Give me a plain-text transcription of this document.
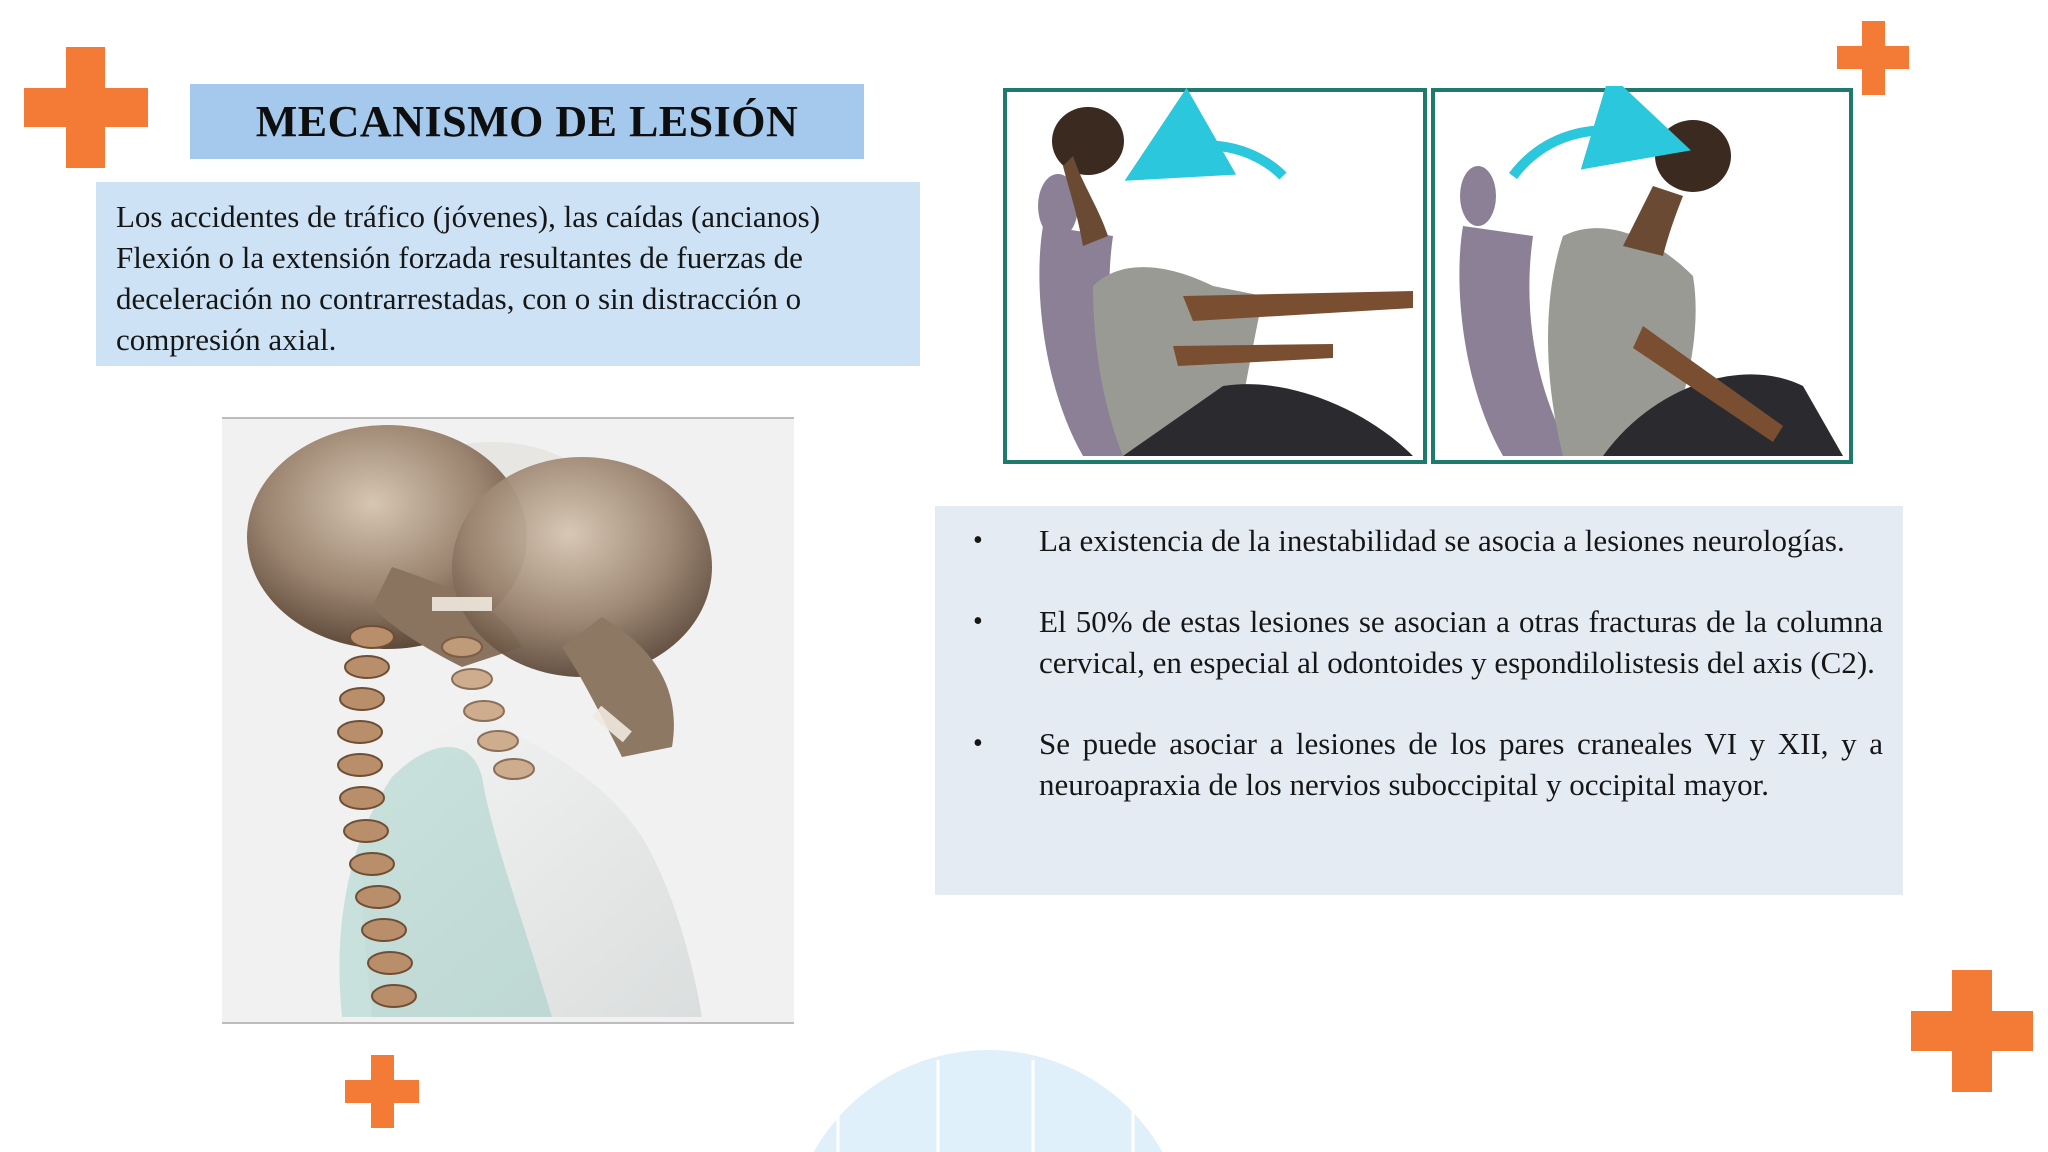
MECANISMO DE LESIÓN

Los accidentes de tráfico (jóvenes), las caídas (ancianos) Flexión o la extensión forzada resultantes de fuerzas de deceleración no contrarrestadas, con o sin distracción o compresión axial.

• La existencia de la inestabilidad se asocia a lesiones neurologías.
• El 50% de estas lesiones se asocian a otras fracturas de la columna cervical, en especial al odontoides y espondilolistesis del axis (C2).
• Se puede asociar a lesiones de los pares craneales VI y XII, y a neuroapraxia de los nervios suboccipital y occipital mayor.
